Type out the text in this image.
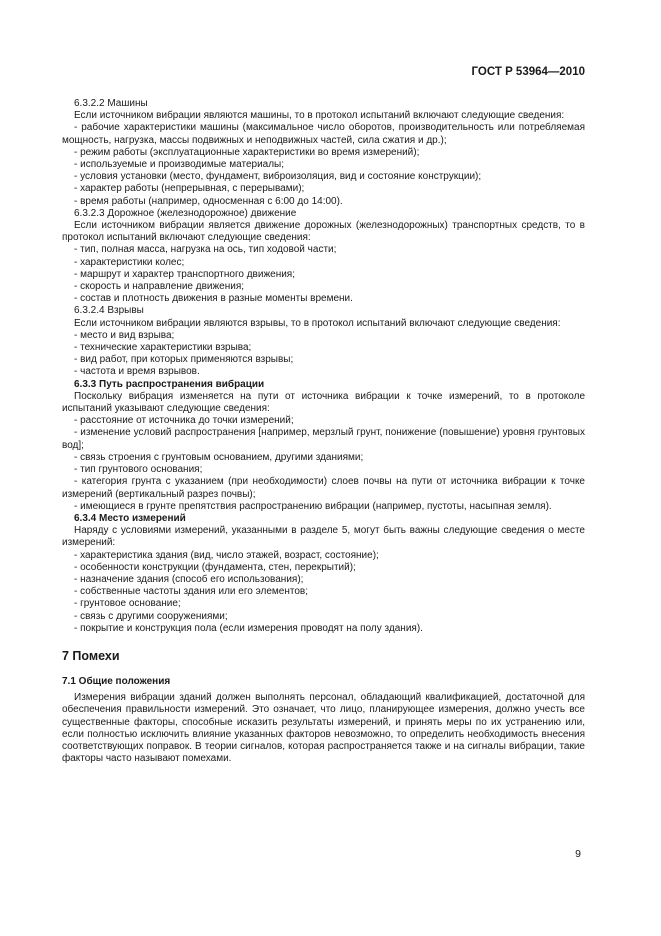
ГОСТ Р 53964—2010

6.3.2.2 Машины

Если источником вибрации являются машины, то в протокол испытаний включают следующие сведения:

- рабочие характеристики машины (максимальное число оборотов, производительность или потребляемая мощность, нагрузка, массы подвижных и неподвижных частей, сила сжатия и др.);

- режим работы (эксплуатационные характеристики во время измерений);

- используемые и производимые материалы;

- условия установки (место, фундамент, виброизоляция, вид и состояние конструкции);

- характер работы (непрерывная, с перерывами);

- время работы (например, односменная с 6:00 до 14:00).

6.3.2.3 Дорожное (железнодорожное) движение

Если источником вибрации является движение дорожных (железнодорожных) транспортных средств, то в протокол испытаний включают следующие сведения:

- тип, полная масса, нагрузка на ось, тип ходовой части;

- характеристики колес;

- маршрут и характер транспортного движения;

- скорость и направление движения;

- состав и плотность движения в разные моменты времени.

6.3.2.4 Взрывы

Если источником вибрации являются взрывы, то в протокол испытаний включают следующие сведения:

- место и вид взрыва;

- технические характеристики взрыва;

- вид работ, при которых применяются взрывы;

- частота и время взрывов.

6.3.3 Путь распространения вибрации

Поскольку вибрация изменяется на пути от источника вибрации к точке измерений, то в протоколе испытаний указывают следующие сведения:

- расстояние от источника до точки измерений;

- изменение условий распространения [например, мерзлый грунт, понижение (повышение) уровня грунтовых вод];

- связь строения с грунтовым основанием, другими зданиями;

- тип грунтового основания;

- категория грунта с указанием (при необходимости) слоев почвы на пути от источника вибрации к точке измерений (вертикальный разрез почвы);

- имеющиеся в грунте препятствия распространению вибрации (например, пустоты, насыпная земля).

6.3.4 Место измерений

Наряду с условиями измерений, указанными в разделе 5, могут быть важны следующие сведения о месте измерений:

- характеристика здания (вид, число этажей, возраст, состояние);

- особенности конструкции (фундамента, стен, перекрытий);

- назначение здания (способ его использования);

- собственные частоты здания или его элементов;

- грунтовое основание;

- связь с другими сооружениями;

- покрытие и конструкция пола (если измерения проводят на полу здания).

7 Помехи
7.1 Общие положения

Измерения вибрации зданий должен выполнять персонал, обладающий квалификацией, достаточной для обеспечения правильности измерений. Это означает, что лицо, планирующее измерения, должно учесть все существенные факторы, способные исказить результаты измерений, и принять меры по их устранению или, если полностью исключить влияние указанных факторов невозможно, то определить необходимость внесения соответствующих поправок. В теории сигналов, которая распространяется также и на сигналы вибрации, такие факторы часто называют помехами.

9
